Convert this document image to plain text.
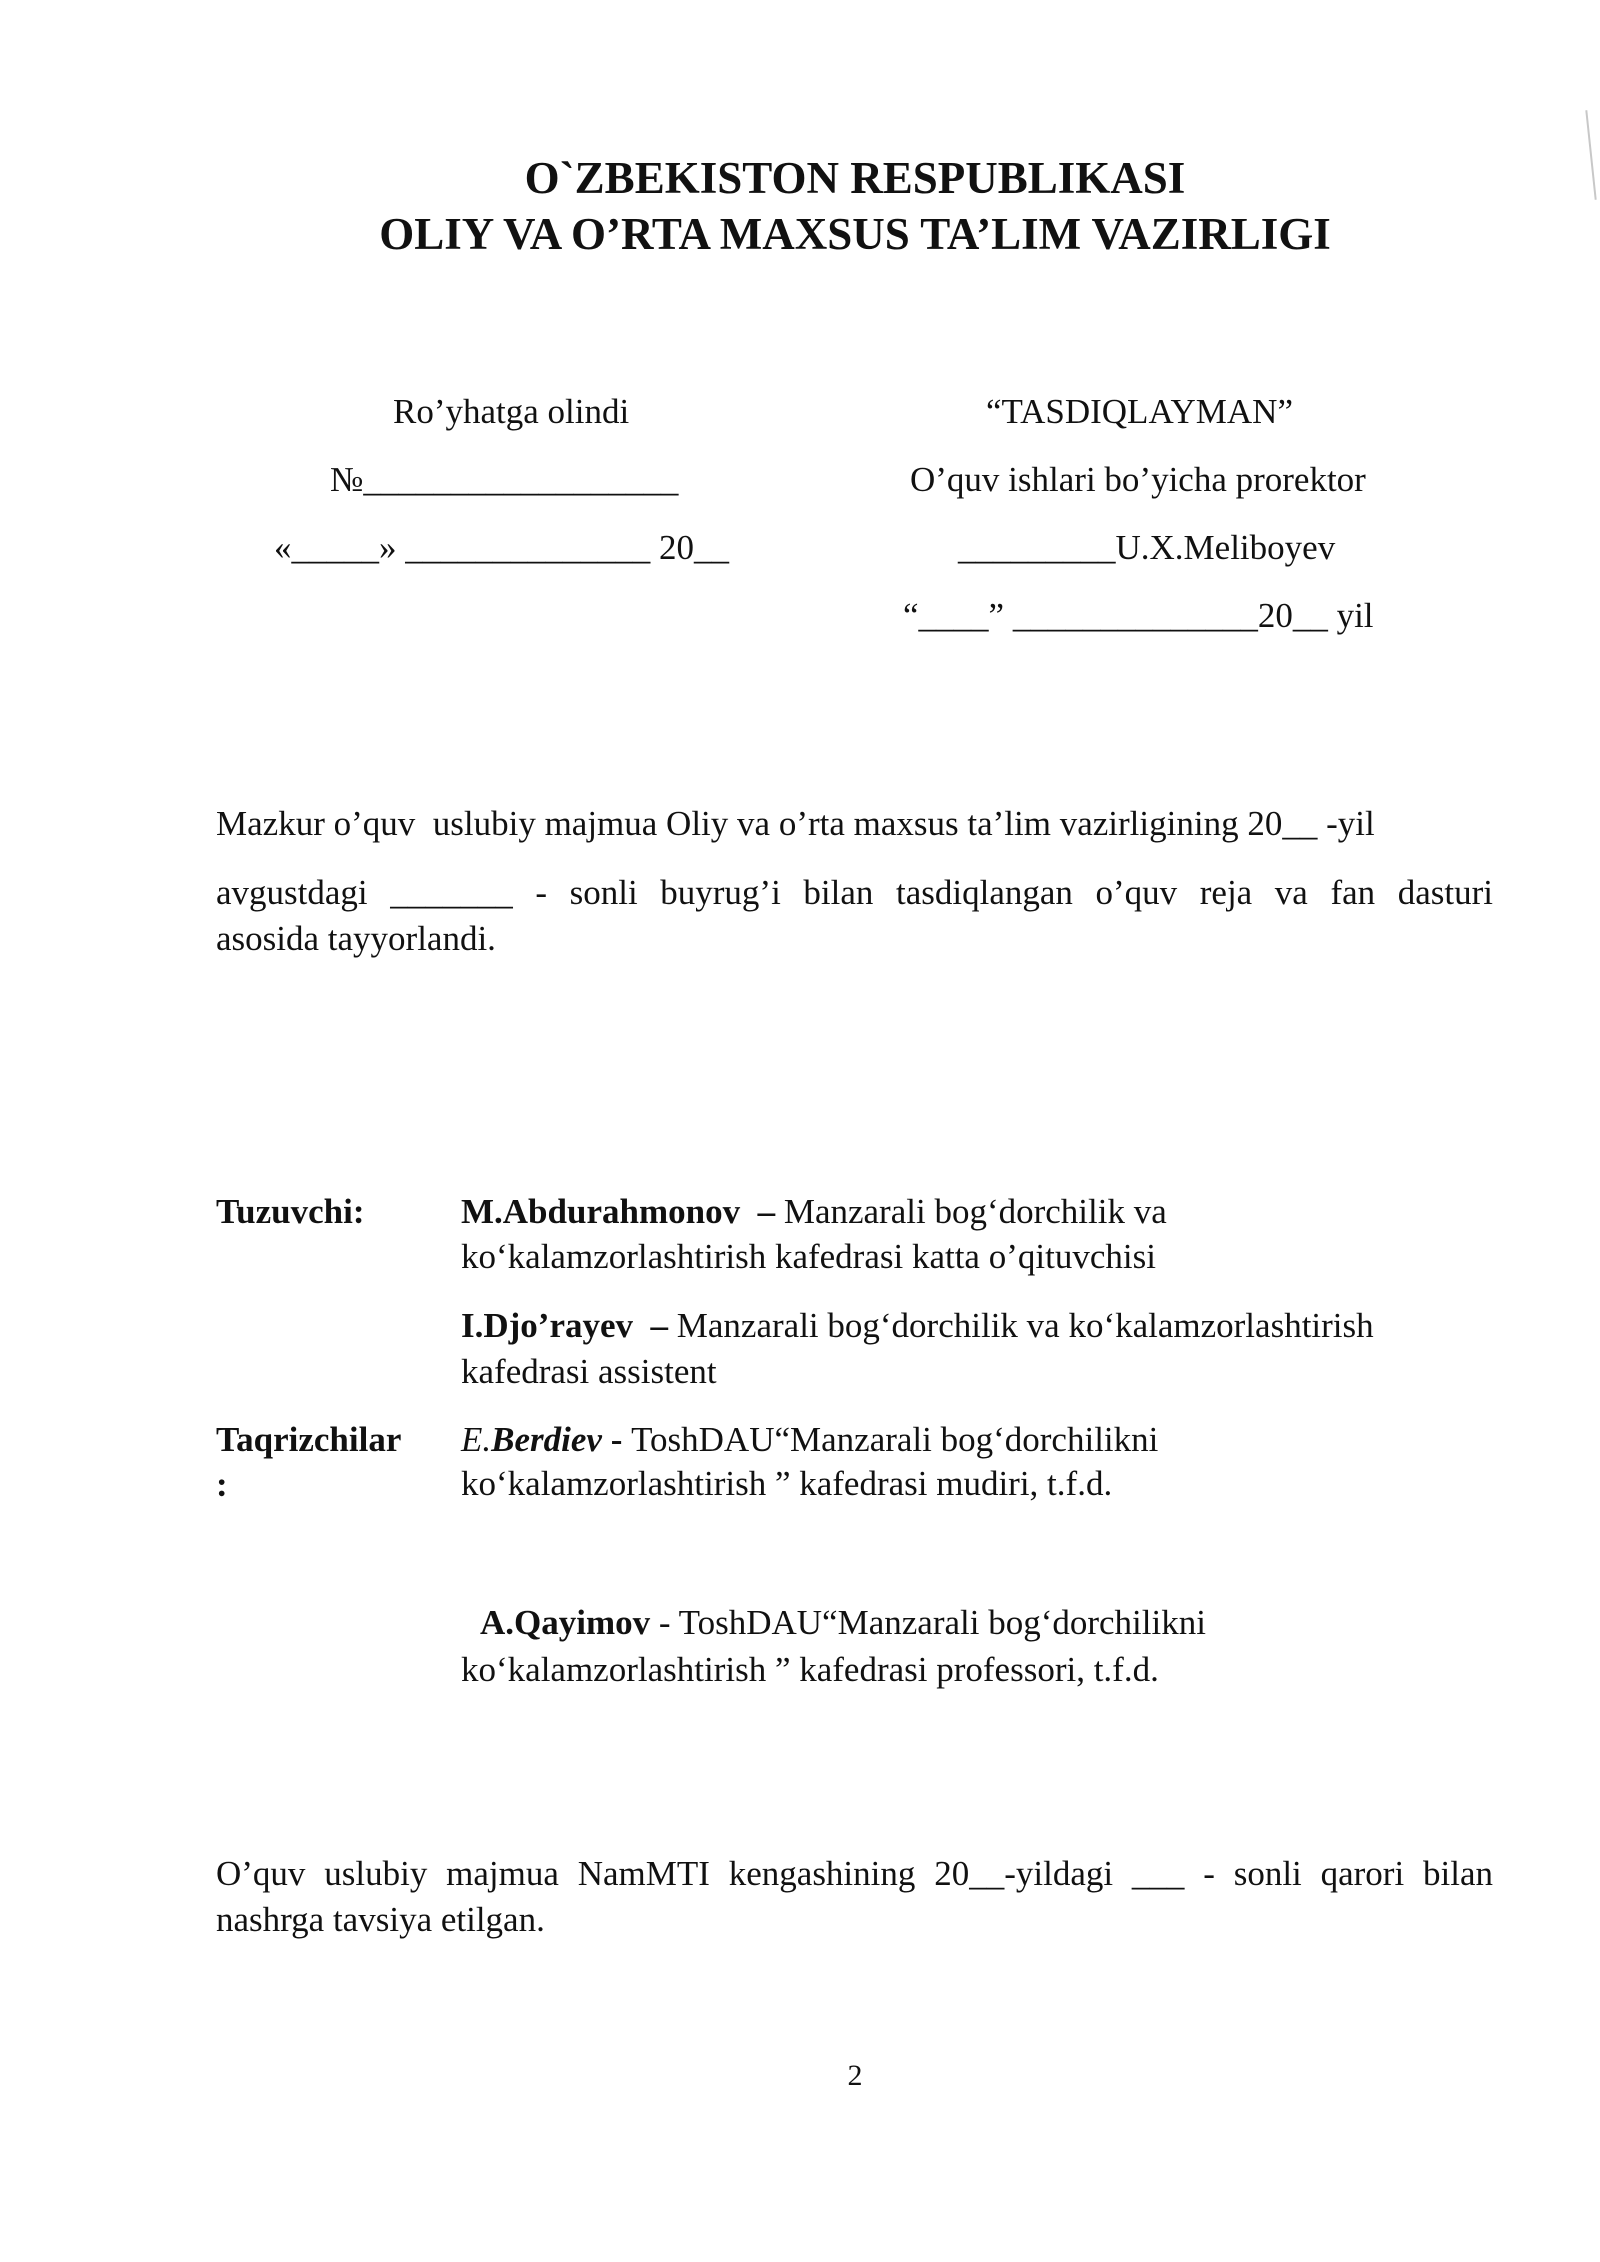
O`ZBEKISTON RESPUBLIKASI
OLIY VA O’RTA MAXSUS TA’LIM VAZIRLIGI
Ro’yhatga olindi
№__________________
«_____» ______________ 20__
“TASDIQLAYMAN”
O’quv ishlari bo’yicha prorektor
_________U.X.Meliboyev
“____” ______________20__ yil
Mazkur o’quv  uslubiy majmua Oliy va o’rta maxsus ta’lim vazirligining 20__ -yil
avgustdagi _______ - sonli buyrug’i bilan tasdiqlangan o’quv reja va fan dasturi
asosida tayyorlandi.
Tuzuvchi:	M.Abdurahmonov  – Manzarali bog‘dorchilik va
ko‘kalamzorlashtirish kafedrasi katta o’qituvchisi
I.Djo’rayev  – Manzarali bog‘dorchilik va ko‘kalamzorlashtirish
kafedrasi assistent
Taqrizchilar
:
E.Berdiev - ToshDAU“Manzarali bog‘dorchilikni
ko‘kalamzorlashtirish ” kafedrasi mudiri, t.f.d.
A.Qayimov - ToshDAU“Manzarali bog‘dorchilikni
ko‘kalamzorlashtirish ” kafedrasi professori, t.f.d.
O’quv uslubiy majmua NamMTI kengashining 20__-yildagi ___ - sonli qarori bilan
nashrga tavsiya etilgan.
2
